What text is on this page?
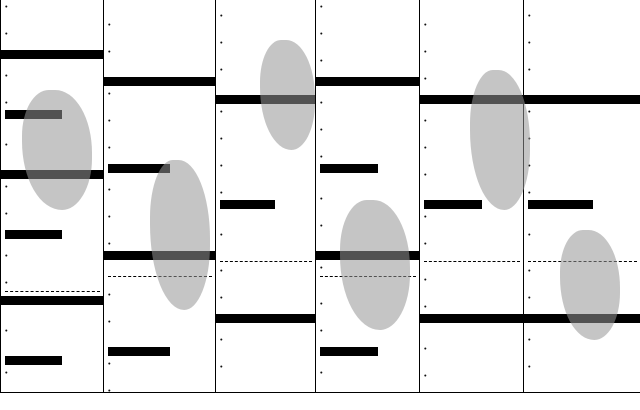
•
•
•
•
•
•
•
•
•
•
•
•
•
•
•
•
•
•
•
•
•
•
•
•
•
•
•
•
•
•
•
•
•
•
•
•
•
•
•
•
•
•
•
•
•
•
•
•
•
•
•
•
•
•
•
•
•
•
•
•
•
•
•
•
•
•
•
•
•
•
•
•
•
